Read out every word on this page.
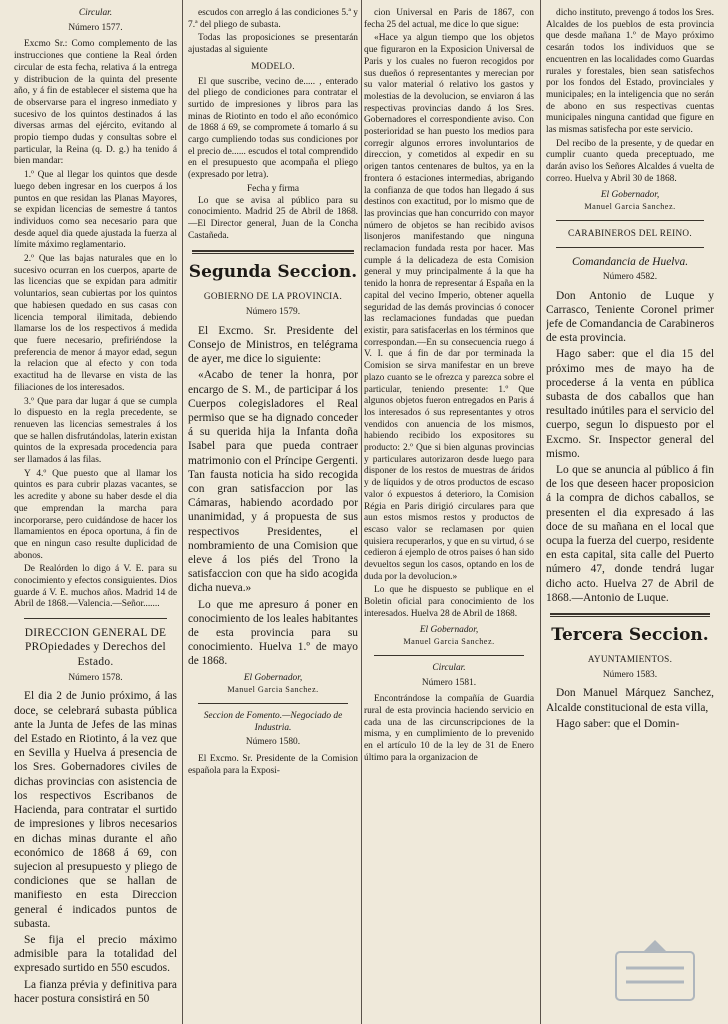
Circular.
Número 1577.

Excmo Sr.: Como complemento de las instrucciones que contiene la Real órden circular de esta fecha, relativa á la entrega y distribucion de la quinta del presente año, y á fin de establecer el sistema que ha de observarse para el ingreso inmediato y sucesivo de los quintos destinados á las diversas armas del ejército, evitando al propio tiempo dudas y consultas sobre el particular, la Reina (q. D. g.) ha tenido á bien mandar:

1.º Que al llegar los quintos que desde luego deben ingresar en los cuerpos á los puntos en que residan las Planas Mayores, se expidan licencias de semestre á tantos individuos como sea necesario para que desde aquel dia quede ajustada la fuerza al límite máximo reglamentario.

2.º Que las bajas naturales que en lo sucesivo ocurran en los cuerpos, aparte de las licencias que se expidan para admitir voluntarios, sean cubiertas por los quintos que habiesen quedado en sus casas con licencia temporal ilimitada, debiendo llamarse los de los respectivos á medida que fuere necesario, prefiriéndose la preferencia de menor á mayor edad, segun la relacion que al efecto y con toda exactitud ha de llevarse en vista de las filiaciones de los interesados.

3.º Que para dar lugar á que se cumpla lo dispuesto en la regla precedente, se renueven las licencias semestrales á los que se hallen disfrutándolas, laterin existan quintos de la expresada procedencia para ser llamados á las filas.

Y 4.º Que puesto que al llamar los quintos es para cubrir plazas vacantes, se les acredite y abone su haber desde el dia que emprendan la marcha para incorporarse, pero cuidándose de hacer los llamamientos en época oportuna, á fin de que en ningun caso resulte duplicidad de abonos.

De Realórden lo digo á V. E. para su conocimiento y efectos consiguientes. Dios guarde á V. E. muchos años. Madrid 14 de Abril de 1868.—Valencia.—Señor.......

DIRECCION GENERAL DE PROpiedades y Derechos del Estado.
Número 1578.

El dia 2 de Junio próximo, á las doce, se celebrará subasta pública ante la Junta de Jefes de las minas del Estado en Riotinto, á la vez que en Sevilla y Huelva á presencia de los Sres. Gobernadores civiles de dichas provincias con asistencia de los respectivos Escribanos de Hacienda, para contratar el surtido de impresiones y libros necesarios en dichas minas durante el año económico de 1868 á 69, con sujecion al presupuesto y pliego de condiciones que se hallan de manifiesto en esta Direccion general é indicados puntos de subasta.

Se fija el precio máximo admisible para la totalidad del expresado surtido en 550 escudos.

La fianza prévia y definitiva para hacer postura consistirá en 50

escudos con arreglo á las condiciones 5.ª y 7.ª del pliego de subasta.

Todas las proposiciones se presentarán ajustadas al siguiente

MODELO.

El que suscribe, vecino de..... , enterado del pliego de condiciones para contratar el surtido de impresiones y libros para las minas de Riotinto en todo el año económico de 1868 á 69, se compromete á tomarlo á su cargo cumpliendo todas sus condiciones por el precio de...... escudos el total comprendido en el presupuesto que acompaña el pliego (expresado por letra).

Fecha y firma

Lo que se avisa al público para su conocimiento. Madrid 25 de Abril de 1868.—El Director general, Juan de la Concha Castañeda.

Segunda Seccion.
GOBIERNO DE LA PROVINCIA.
Número 1579.

El Excmo. Sr. Presidente del Consejo de Ministros, en telégrama de ayer, me dice lo siguiente:

«Acabo de tener la honra, por encargo de S. M., de participar á los Cuerpos colegisladores el Real permiso que se ha dignado conceder á su querida hija la Infanta doña Isabel para que pueda contraer matrimonio con el Príncipe Gergenti. Tan fausta noticia ha sido recogida con gran satisfaccion por las Cámaras, habiendo acordado por unanimidad, y á propuesta de sus respectivos Presidentes, el nombramiento de una Comision que eleve á los piés del Trono la satisfaccion con que ha sido acogida dicha nueva.»

Lo que me apresuro á poner en conocimiento de los leales habitantes de esta provincia para su conocimiento. Huelva 1.º de mayo de 1868.

El Gobernador,
Manuel Garcia Sanchez.
Seccion de Fomento.—Negociado de Industria.
Número 1580.

El Excmo. Sr. Presidente de la Comision española para la Exposi-

cion Universal en Paris de 1867, con fecha 25 del actual, me dice lo que sigue:

«Hace ya algun tiempo que los objetos que figuraron en la Exposicion Universal de Paris y los cuales no fueron recogidos por sus dueños ó representantes y merecian por su valor material ó relativo los gastos y molestias de la devolucion, se enviaron á las respectivas provincias dando á los Sres. Gobernadores el correspondiente aviso. Con posterioridad se han puesto los medios para corregir algunos errores involuntarios de direccion, y cometidos al expedir en su origen tantos centenares de bultos, ya en la frontera ó estaciones intermedias, abrigando la confianza de que todos han llegado á sus destinos con exactitud, por lo mismo que de las provincias que han concurrido con mayor número de objetos se han recibido avisos lisonjeros manifestando que ninguna reclamacion fundada resta por hacer. Mas cumple á la delicadeza de esta Comision general y muy principalmente á la que ha tenido la honra de representar á España en la capital del vecino Imperio, obtener aquella seguridad de las demás provincias ó conocer las reclamaciones fundadas que puedan existir, para satisfacerlas en los términos que correspondan.—En su consecuencia ruego á V. I. que á fin de dar por terminada la Comision se sirva manifestar en un breve plazo cuanto se le ofrezca y parezca sobre el particular, teniendo presente: 1.º Que algunos objetos fueron entregados en Paris á los interesados ó sus representantes y otros vendidos con anuencia de los mismos, habiendo recibido los expositores su producto: 2.º Que si bien algunas provincias y particulares autorizaron desde luego para disponer de los restos de muestras de áridos y de líquidos y de otros productos de escaso valor ó expuestos á deterioro, la Comision Régia en Paris dirigió circulares para que aun estos mismos restos y productos de escaso valor se reclamasen por quien quisiera recuperarlos, y que en su virtud, ó se cedieron á ejemplo de otros paises ó han sido devueltos segun los casos, optando en los de duda por la devolucion.»

Lo que he dispuesto se publique en el Boletin oficial para conocimiento de los interesados. Huelva 28 de Abril de 1868.

El Gobernador,
Manuel Garcia Sanchez.
Circular.
Número 1581.

Encontrándose la compañía de Guardia rural de esta provincia haciendo servicio en cada una de las circunscripciones de la misma, y en cumplimiento de lo prevenido en el artículo 10 de la ley de 31 de Enero último para la organizacion de

dicho instituto, prevengo á todos los Sres. Alcaldes de los pueblos de esta provincia que desde mañana 1.º de Mayo próximo cesarán todos los individuos que se encuentren en las localidades como Guardas rurales y forestales, bien sean satisfechos por los fondos del Estado, provinciales y municipales; en la inteligencia que no serán de abono en sus respectivas cuentas municipales ninguna cantidad que figure en las mismas satisfecha por este servicio.

Del recibo de la presente, y de quedar en cumplir cuanto queda preceptuado, me darán aviso los Señores Alcaldes á vuelta de correo. Huelva y Abril 30 de 1868.

El Gobernador,
Manuel Garcia Sanchez.
CARABINEROS DEL REINO.
Comandancia de Huelva.
Número 4582.

Don Antonio de Luque y Carrasco, Teniente Coronel primer jefe de Comandancia de Carabineros de esta provincia.

Hago saber: que el dia 15 del próximo mes de mayo ha de procederse á la venta en pública subasta de dos caballos que han resultado inútiles para el servicio del cuerpo, segun lo dispuesto por el Excmo. Sr. Inspector general del mismo.

Lo que se anuncia al público á fin de los que deseen hacer proposicion á la compra de dichos caballos, se presenten el dia expresado á las doce de su mañana en el local que ocupa la fuerza del cuerpo, residente en esta capital, sita calle del Puerto número 47, donde tendrá lugar dicho acto. Huelva 27 de Abril de 1868.—Antonio de Luque.

Tercera Seccion.
AYUNTAMIENTOS.
Número 1583.

Don Manuel Márquez Sanchez, Alcalde constitucional de esta villa,

Hago saber: que el Domin-
